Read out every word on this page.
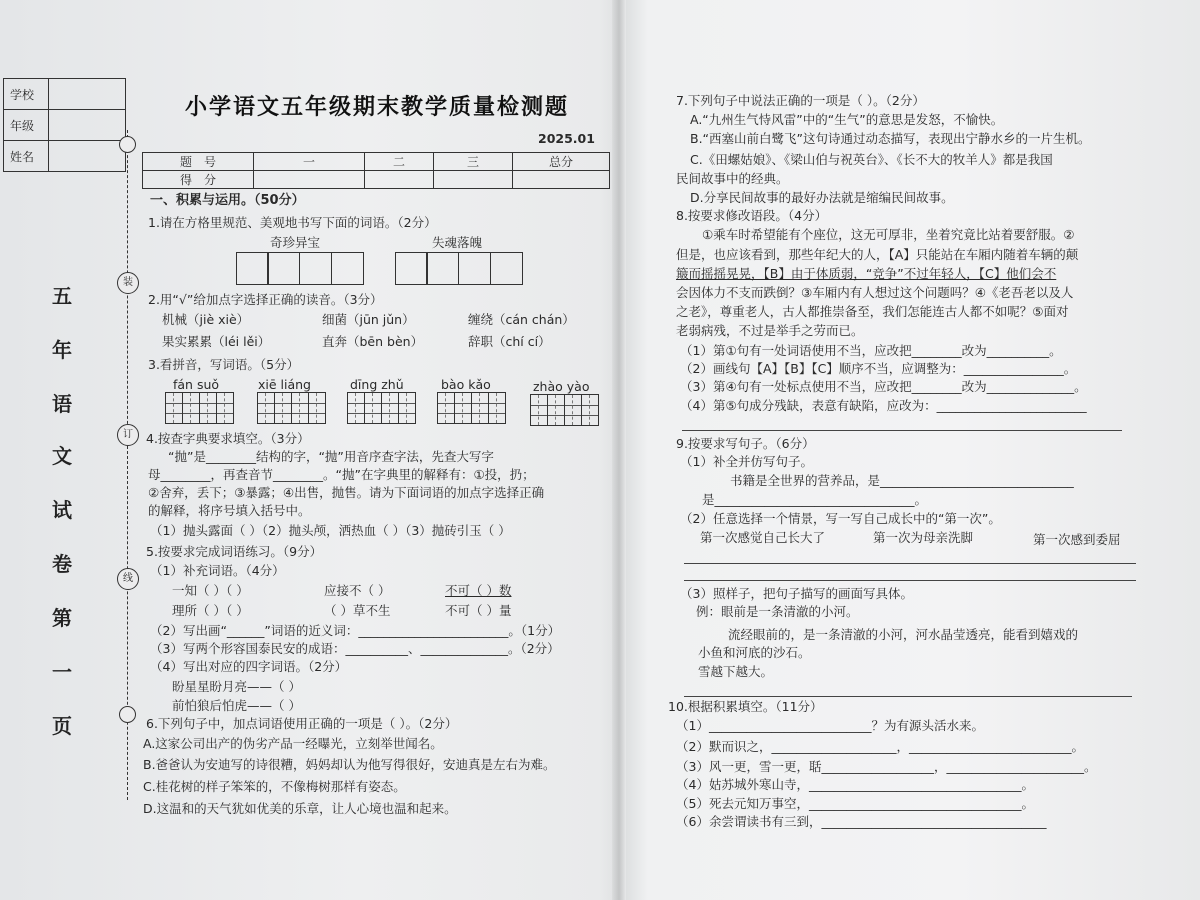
学校	
年级	
姓名	
五
年
语
文
试
卷
第
一
页
装
订
线
小学语文五年级期末教学质量检测题
2025.01
题　号	一	二	三	总分
得　分				
一、积累与运用。（50分）
1.请在方格里规范、美观地书写下面的词语。（2分）
奇珍异宝	失魂落魄
2.用“√”给加点字选择正确的读音。（3分）
机械（jiè xiè）	细菌（jūn jǔn）	缠绕（cán chán）
果实累累（léi lěi）	直奔（bēn bèn）	辞职（chí cí）
3.看拼音，写词语。（5分）
fán suǒ	xiē liáng	dīng zhǔ	bào kǎo	zhào yào
4.按查字典要求填空。（3分）
“抛”是________结构的字，“抛”用音序查字法，先查大写字
母________，再查音节________。“抛”在字典里的解释有：①投，扔；
②舍弃，丢下；③暴露；④出售，抛售。请为下面词语的加点字选择正确
的解释，将序号填入括号中。
（1）抛头露面（ ）（2）抛头颅，洒热血（ ）（3）抛砖引玉（ ）
5.按要求完成词语练习。（9分）
（1）补充词语。（4分）
一知（ ）（ ）	应接不（ ）	不可（ ）数
理所（ ）（ ）	（ ）草不生	不可（ ）量
（2）写出画“______”词语的近义词：________________________。（1分）
（3）写两个形容国泰民安的成语：__________、______________。（2分）
（4）写出对应的四字词语。（2分）
盼星星盼月亮——（ ）
前怕狼后怕虎——（ ）
6.下列句子中，加点词语使用正确的一项是（ ）。（2分）
A.这家公司出产的伪劣产品一经曝光，立刻举世闻名。
B.爸爸认为安迪写的诗很糟，妈妈却认为他写得很好，安迪真是左右为难。
C.桂花树的样子笨笨的，不像梅树那样有姿态。
D.这温和的天气犹如优美的乐章，让人心境也温和起来。
7.下列句子中说法正确的一项是（ ）。（2分）
A.“九州生气恃风雷”中的“生气”的意思是发怒，不愉快。
B.“西塞山前白鹭飞”这句诗通过动态描写，表现出宁静水乡的一片生机。
C.《田螺姑娘》、《梁山伯与祝英台》、《长不大的牧羊人》都是我国
民间故事中的经典。
D.分享民间故事的最好办法就是缩编民间故事。
8.按要求修改语段。（4分）
①乘车时希望能有个座位，这无可厚非，坐着究竟比站着要舒服。②
但是，也应该看到，那些年纪大的人，【A】只能站在车厢内随着车辆的颠
簸而摇摇晃晃，【B】由于体质弱，“竞争”不过年轻人，【C】他们会不
会因体力不支而跌倒？③车厢内有人想过这个问题吗？④《老吾老以及人
之老》，尊重老人，古人都推崇备至，我们怎能连古人都不如呢？⑤面对
老弱病残，不过是举手之劳而已。
（1）第①句有一处词语使用不当，应改把________改为__________。
（2）画线句【A】【B】【C】顺序不当，应调整为：________________。
（3）第④句有一处标点使用不当，应改把________改为______________。
（4）第⑤句成分残缺，表意有缺陷，应改为：________________________
9.按要求写句子。（6分）
（1）补全并仿写句子。
书籍是全世界的营养品，是_______________________________
是________________________________。
（2）任意选择一个情景，写一写自己成长中的“第一次”。
第一次感觉自己长大了	第一次为母亲洗脚	第一次感到委屈
（3）照样子，把句子描写的画面写具体。
例：眼前是一条清澈的小河。
流经眼前的，是一条清澈的小河，河水晶莹透亮，能看到嬉戏的
小鱼和河底的沙石。
雪越下越大。
10.根据积累填空。（11分）
（1）__________________________？为有源头活水来。
（2）默而识之，____________________，__________________________。
（3）风一更，雪一更，聒__________________，______________________。
（4）姑苏城外寒山寺，__________________________________。
（5）死去元知万事空，__________________________________。
（6）余尝谓读书有三到，____________________________________
